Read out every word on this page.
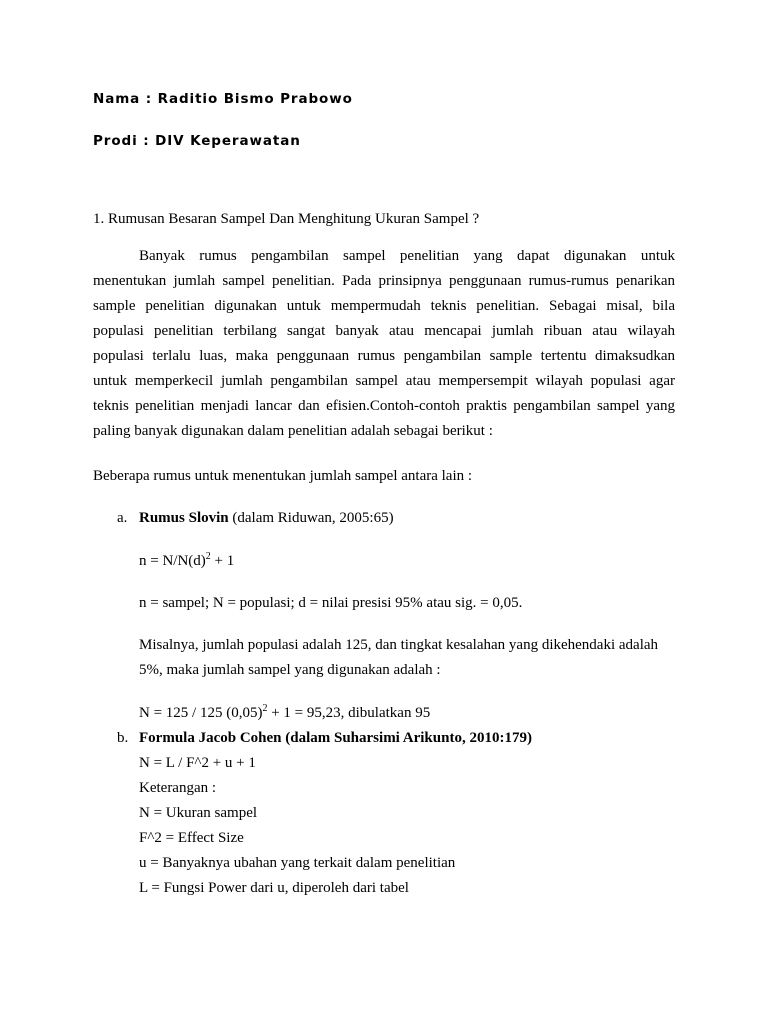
Nama : Raditio Bismo Prabowo
Prodi : DIV Keperawatan
1. Rumusan Besaran Sampel Dan Menghitung Ukuran Sampel ?
Banyak rumus pengambilan sampel penelitian yang dapat digunakan untuk
menentukan jumlah sampel penelitian. Pada prinsipnya penggunaan rumus-rumus penarikan
sample penelitian digunakan untuk mempermudah teknis penelitian. Sebagai misal, bila
populasi penelitian terbilang sangat banyak atau mencapai jumlah ribuan atau wilayah
populasi terlalu luas, maka penggunaan rumus pengambilan sample tertentu dimaksudkan
untuk memperkecil jumlah pengambilan sampel atau mempersempit wilayah populasi agar
teknis penelitian menjadi lancar dan efisien.Contoh-contoh praktis pengambilan sampel yang
paling banyak digunakan dalam penelitian adalah sebagai berikut :
Beberapa rumus untuk menentukan jumlah sampel antara lain :
a. Rumus Slovin (dalam Riduwan, 2005:65)
$n = N/N(d)^2 + 1$
n = sampel; N = populasi; d = nilai presisi 95% atau sig. = 0,05.
Misalnya, jumlah populasi adalah 125, dan tingkat kesalahan yang dikehendaki adalah
5%, maka jumlah sampel yang digunakan adalah :
N = 125 / 125 $(0,05)^2 + 1 = 95,23$, dibulatkan 95
b. Formula Jacob Cohen (dalam Suharsimi Arikunto, 2010:179)
N = L / F^2 + u + 1
Keterangan :
N = Ukuran sampel
F^2 = Effect Size
u = Banyaknya ubahan yang terkait dalam penelitian
L = Fungsi Power dari u, diperoleh dari tabel
